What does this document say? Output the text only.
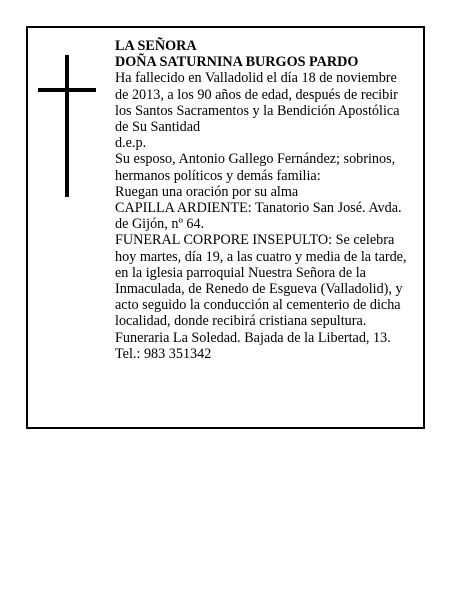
LA SEÑORA

DOÑA SATURNINA BURGOS PARDO

Ha fallecido en Valladolid el día 18 de noviembre de 2013, a los 90 años de edad, después de recibir los Santos Sacramentos y la Bendición Apostólica de Su Santidad

d.e.p.

Su esposo, Antonio Gallego Fernández; sobrinos, hermanos políticos y demás familia:

Ruegan una oración por su alma

CAPILLA ARDIENTE: Tanatorio San José. Avda. de Gijón, nº 64.

FUNERAL CORPORE INSEPULTO: Se celebra hoy martes, día 19, a las cuatro y media de la tarde, en la iglesia parroquial Nuestra Señora de la Inmaculada, de Renedo de Esgueva (Valladolid), y acto seguido la conducción al cementerio de dicha localidad, donde recibirá cristiana sepultura.

Funeraria La Soledad. Bajada de la Libertad, 13. Tel.: 983 351342
